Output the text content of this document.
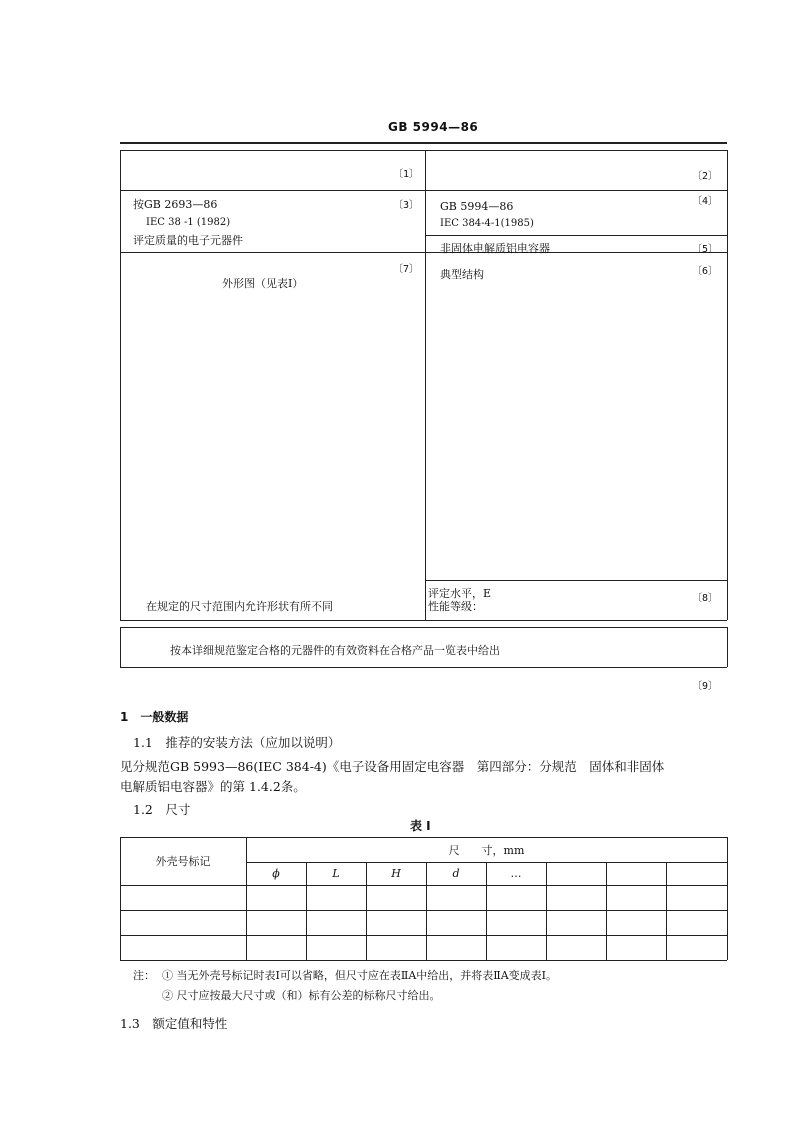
GB 5994—86
〔1〕	〔2〕
按GB 2693—86
IEC 38 -1 (1982)
评定质量的电子元器件
〔3〕 GB 5994—86
IEC 384-4-1(1985)
〔4〕
非固体电解质铝电容器	〔5〕
外形图（见表Ⅰ）
〔7〕
在规定的尺寸范围内允许形状有所不同
典型结构	〔6〕
评定水平，E
性能等级：
〔8〕
按本详细规范鉴定合格的元器件的有效资料在合格产品一览表中给出
〔9〕
1　一般数据
1.1　推荐的安装方法（应加以说明）
见分规范GB 5993—86(IEC 384-4)《电子设备用固定电容器　第四部分：分规范　固体和非固体
电解质铝电容器》的第 1.4.2条。
1.2　尺寸
表 Ⅰ
外壳号标记
尺　　寸，mm
ϕ	L	H	d	…
注： ① 当无外壳号标记时表Ⅰ可以省略，但尺寸应在表ⅡA中给出，并将表ⅡA变成表Ⅰ。
② 尺寸应按最大尺寸或（和）标有公差的标称尺寸给出。
1.3　额定值和特性
